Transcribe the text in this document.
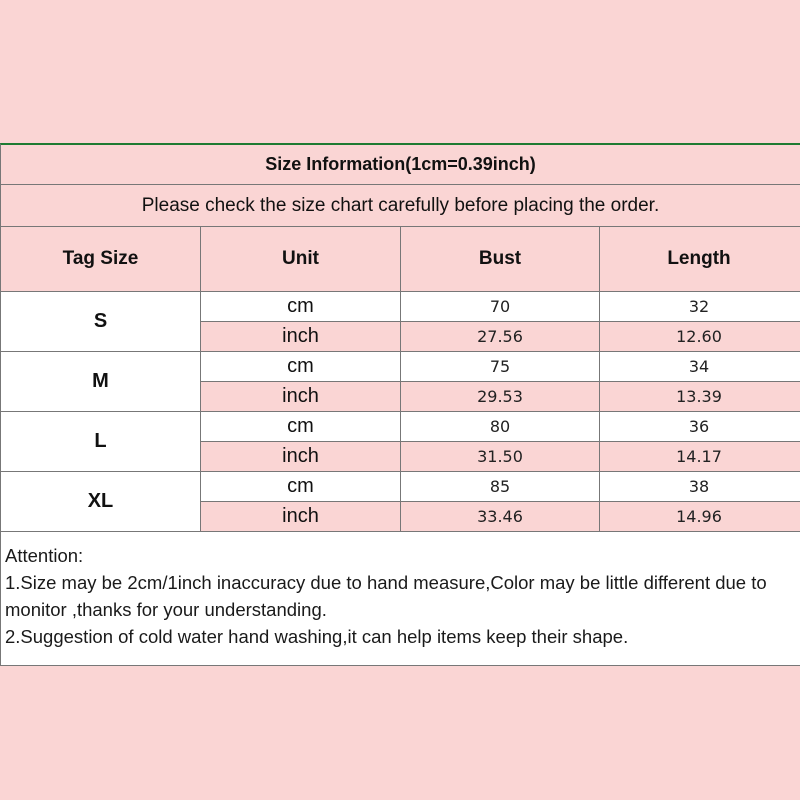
Size Information(1cm=0.39inch)
Please check the size chart carefully before placing the order.
Tag Size	Unit	Bust	Length
S
cm	70	32
inch	27.56	12.60
M
cm	75	34
inch	29.53	13.39
L
cm	80	36
inch	31.50	14.17
XL
cm	85	38
inch	33.46	14.96

Attention:

1.Size may be 2cm/1inch inaccuracy due to hand measure,Color may be little different due to monitor ,thanks for your understanding.

2.Suggestion of cold water hand washing,it can help items keep their shape.
